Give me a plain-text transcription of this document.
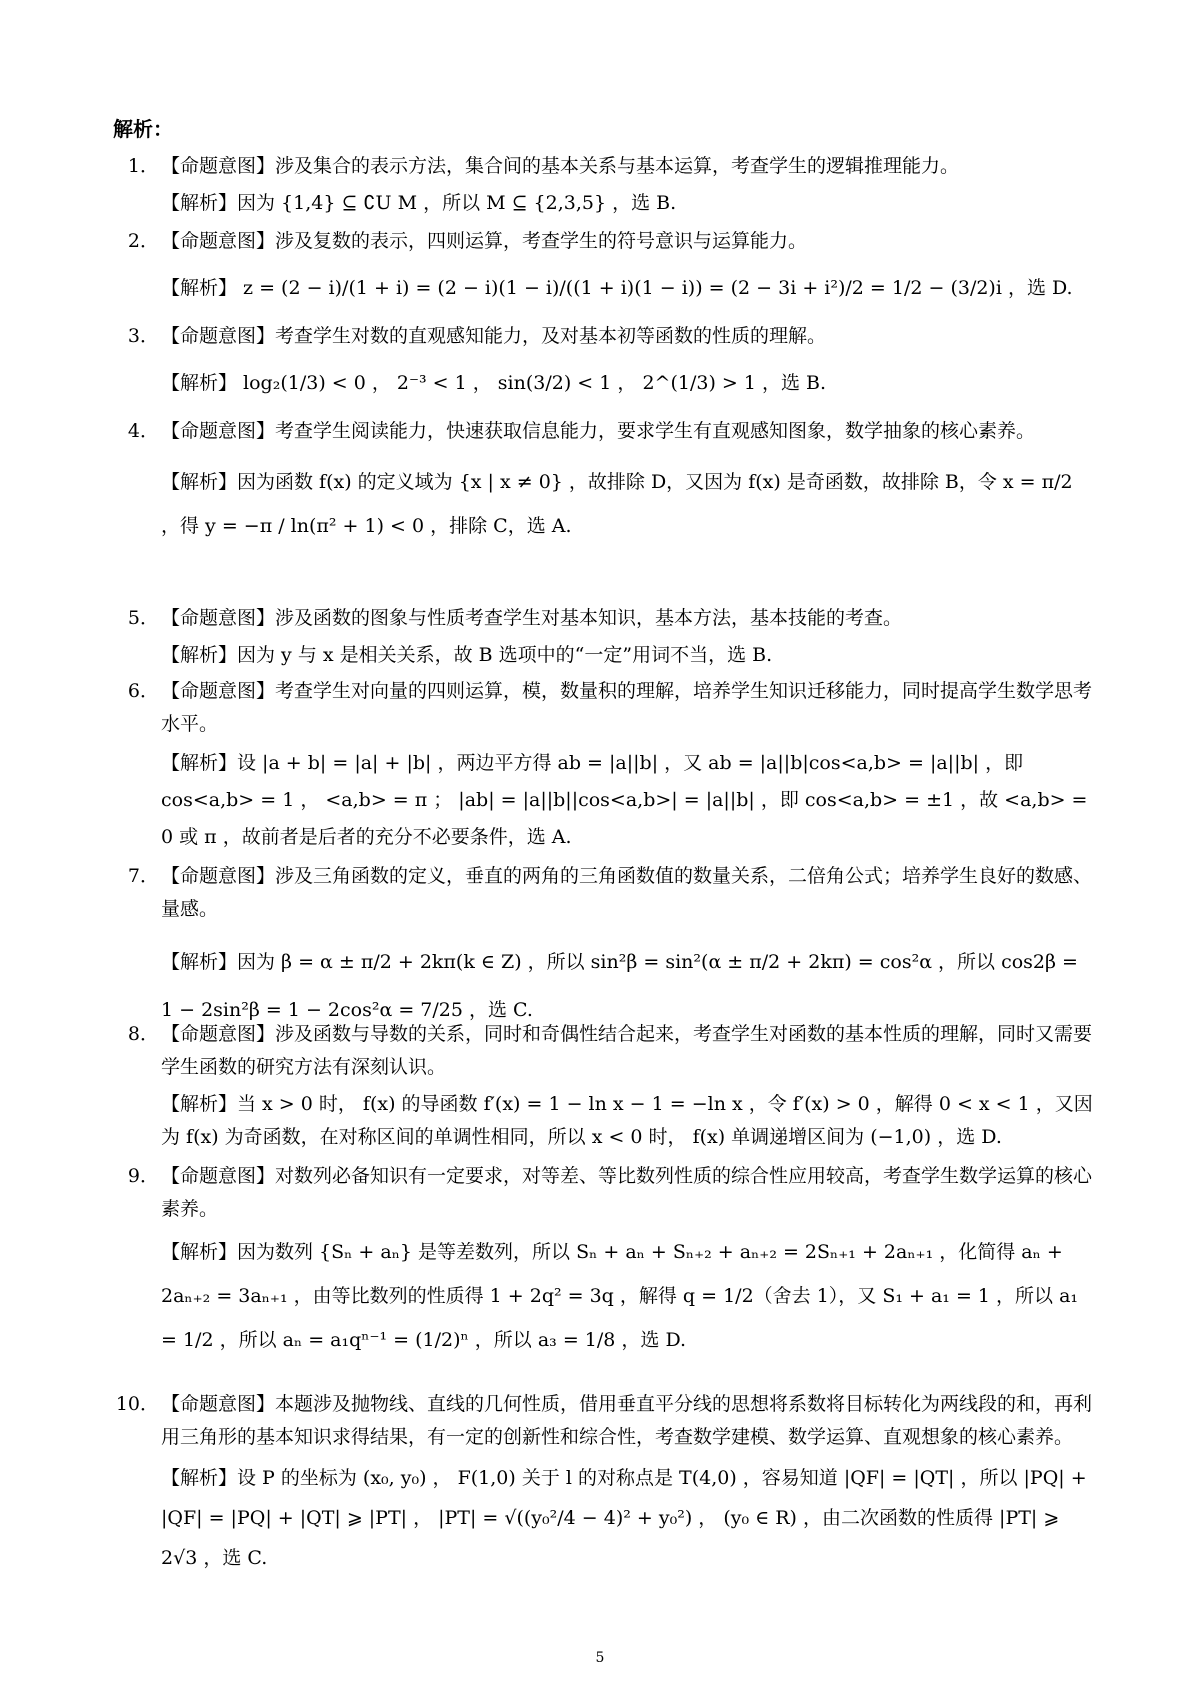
解析：
1． 【命题意图】涉及集合的表示方法，集合间的基本关系与基本运算，考查学生的逻辑推理能力。

【解析】因为 {1,4} ⊆ ∁U M ，所以 M ⊆ {2,3,5} ，选 B.

2． 【命题意图】涉及复数的表示，四则运算，考查学生的符号意识与运算能力。

【解析】 z = (2 − i)/(1 + i) = (2 − i)(1 − i)/((1 + i)(1 − i)) = (2 − 3i + i²)/2 = 1/2 − (3/2)i ，选 D.

3． 【命题意图】考查学生对数的直观感知能力，及对基本初等函数的性质的理解。

【解析】 log₂(1/3) < 0 ， 2⁻³ < 1 ， sin(3/2) < 1 ， 2^(1/3) > 1 ，选 B.

4． 【命题意图】考查学生阅读能力，快速获取信息能力，要求学生有直观感知图象，数学抽象的核心素养。

【解析】因为函数 f(x) 的定义域为 {x | x ≠ 0} ，故排除 D，又因为 f(x) 是奇函数，故排除 B，令 x = π/2 ，得 y = −π / ln(π² + 1) < 0 ，排除 C，选 A.

5． 【命题意图】涉及函数的图象与性质考查学生对基本知识，基本方法，基本技能的考查。

【解析】因为 y 与 x 是相关关系，故 B 选项中的“一定”用词不当，选 B.

6． 【命题意图】考查学生对向量的四则运算，模，数量积的理解，培养学生知识迁移能力，同时提高学生数学思考水平。

【解析】设 |a + b| = |a| + |b| ，两边平方得 ab = |a||b| ，又 ab = |a||b|cos<a,b> = |a||b| ，即 cos<a,b> = 1 ， <a,b> = π ； |ab| = |a||b||cos<a,b>| = |a||b| ，即 cos<a,b> = ±1 ，故 <a,b> = 0 或 π ，故前者是后者的充分不必要条件，选 A.

7． 【命题意图】涉及三角函数的定义，垂直的两角的三角函数值的数量关系，二倍角公式；培养学生良好的数感、量感。

【解析】因为 β = α ± π/2 + 2kπ(k ∈ Z) ，所以 sin²β = sin²(α ± π/2 + 2kπ) = cos²α ，所以 cos2β = 1 − 2sin²β = 1 − 2cos²α = 7/25 ，选 C.

8． 【命题意图】涉及函数与导数的关系，同时和奇偶性结合起来，考查学生对函数的基本性质的理解，同时又需要学生函数的研究方法有深刻认识。

【解析】当 x > 0 时， f(x) 的导函数 f′(x) = 1 − ln x − 1 = −ln x ，令 f′(x) > 0 ，解得 0 < x < 1 ，又因为 f(x) 为奇函数，在对称区间的单调性相同，所以 x < 0 时， f(x) 单调递增区间为 (−1,0) ，选 D.

9． 【命题意图】对数列必备知识有一定要求，对等差、等比数列性质的综合性应用较高，考查学生数学运算的核心素养。

【解析】因为数列 {Sₙ + aₙ} 是等差数列，所以 Sₙ + aₙ + Sₙ₊₂ + aₙ₊₂ = 2Sₙ₊₁ + 2aₙ₊₁ ，化简得 aₙ + 2aₙ₊₂ = 3aₙ₊₁ ，由等比数列的性质得 1 + 2q² = 3q ，解得 q = 1/2（舍去 1），又 S₁ + a₁ = 1 ，所以 a₁ = 1/2 ，所以 aₙ = a₁qⁿ⁻¹ = (1/2)ⁿ ，所以 a₃ = 1/8 ，选 D.

10． 【命题意图】本题涉及抛物线、直线的几何性质，借用垂直平分线的思想将系数将目标转化为两线段的和，再利用三角形的基本知识求得结果，有一定的创新性和综合性，考查数学建模、数学运算、直观想象的核心素养。

【解析】设 P 的坐标为 (x₀, y₀) ， F(1,0) 关于 l 的对称点是 T(4,0) ，容易知道 |QF| = |QT| ，所以 |PQ| + |QF| = |PQ| + |QT| ⩾ |PT| ， |PT| = √((y₀²/4 − 4)² + y₀²) ， (y₀ ∈ R) ，由二次函数的性质得 |PT| ⩾ 2√3 ，选 C.

5
